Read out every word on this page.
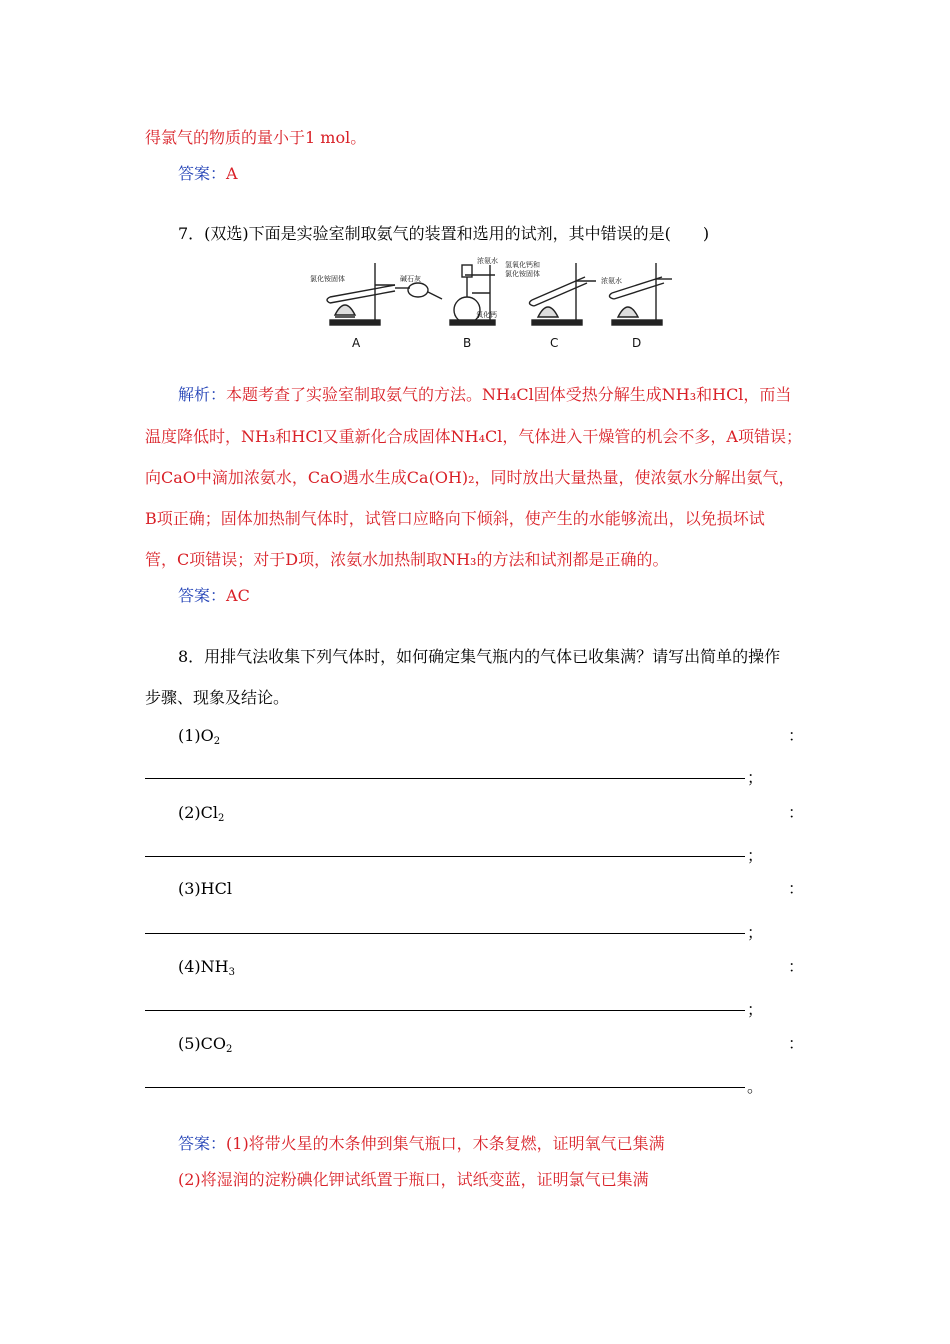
得氯气的物质的量小于1 mol。
答案：A
7．(双选)下面是实验室制取氨气的装置和选用的试剂，其中错误的是(　　)
氯化铵固体	碱石灰
浓氨水
氧化钙
氢氧化钙和
氯化铵固体
浓氨水
A	B	C	D
解析：本题考查了实验室制取氨气的方法。NH₄Cl固体受热分解生成NH₃和HCl，而当
温度降低时，NH₃和HCl又重新化合成固体NH₄Cl，气体进入干燥管的机会不多，A项错误；
向CaO中滴加浓氨水，CaO遇水生成Ca(OH)₂，同时放出大量热量，使浓氨水分解出氨气，
B项正确；固体加热制气体时，试管口应略向下倾斜，使产生的水能够流出，以免损坏试
管，C项错误；对于D项，浓氨水加热制取NH₃的方法和试剂都是正确的。
答案：AC
8．用排气法收集下列气体时，如何确定集气瓶内的气体已收集满？请写出简单的操作
步骤、现象及结论。
$(1)O_2$	：
；
$(2)Cl_2$	：
；
(3)HCl	：
；
$(4)NH_3$	：
；
$(5)CO_2$	：
。
答案：(1)将带火星的木条伸到集气瓶口，木条复燃，证明氧气已集满
(2)将湿润的淀粉碘化钾试纸置于瓶口，试纸变蓝，证明氯气已集满
